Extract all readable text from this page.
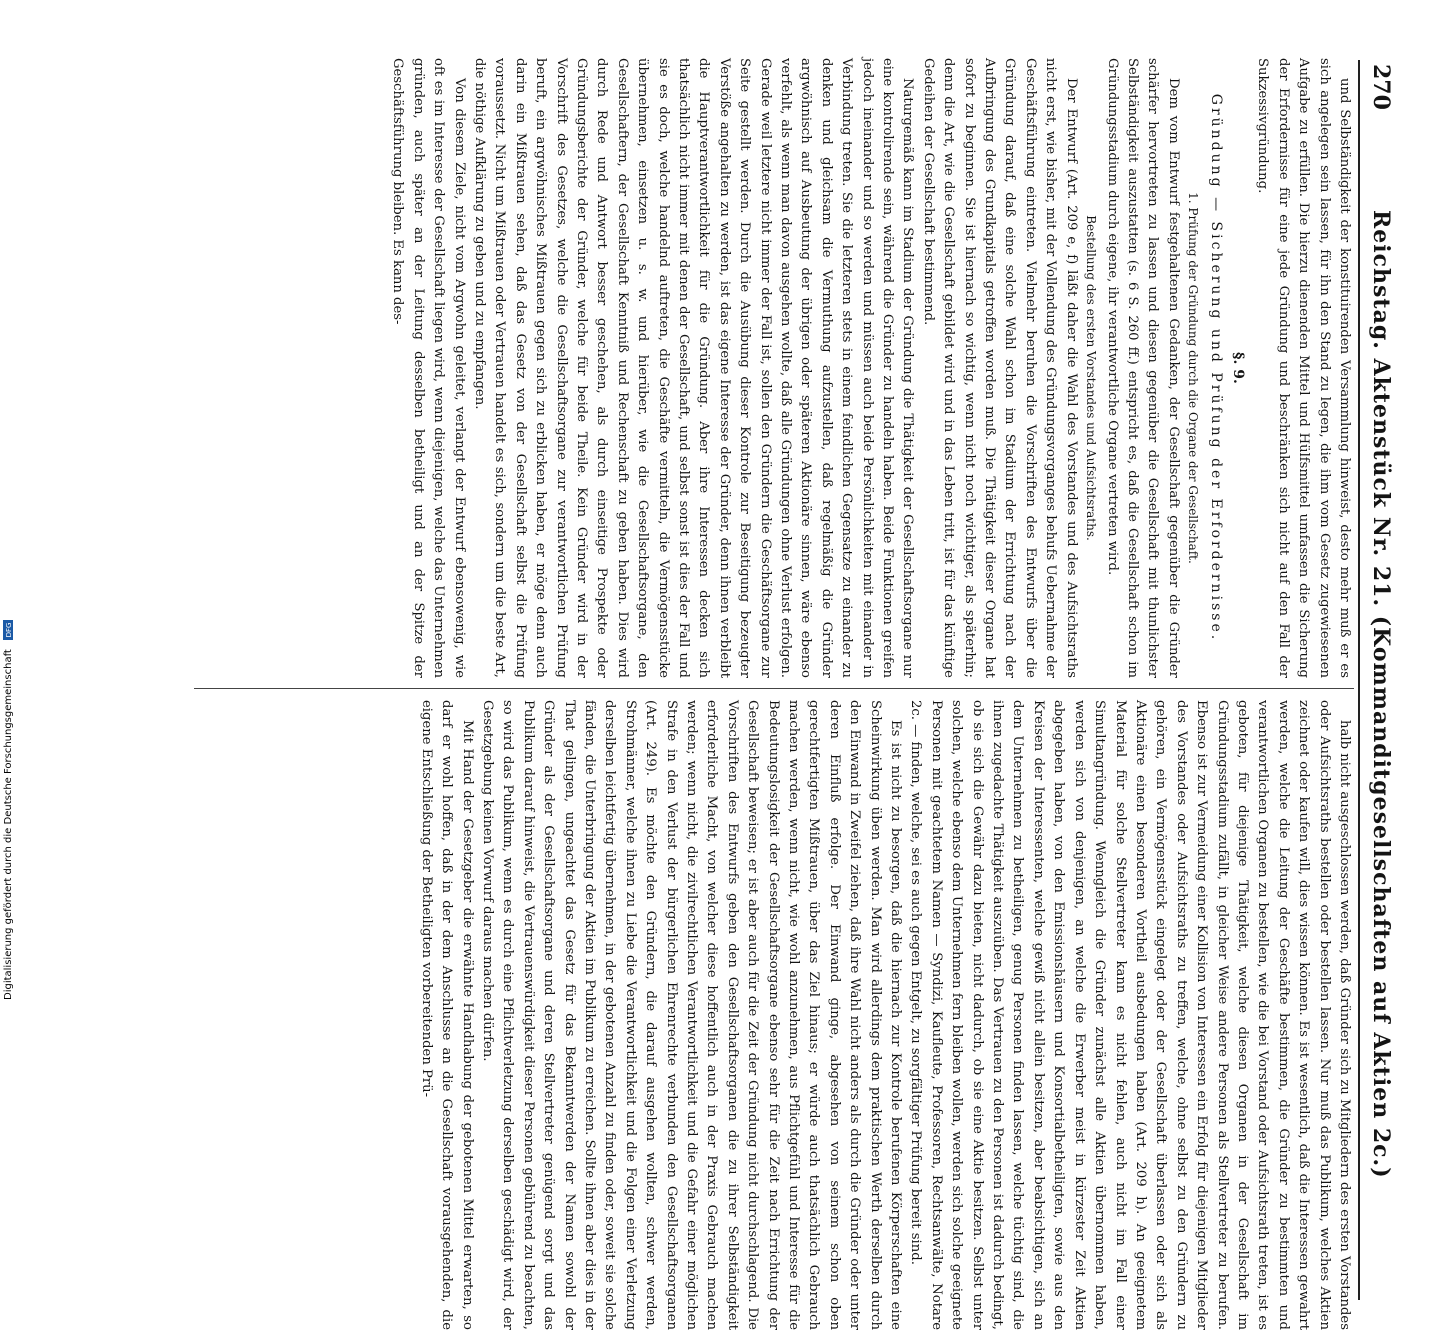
270
Reichstag. Aktenstück Nr. 21. (Kommanditgesellschaften auf Aktien 2c.)

und Selbständigkeit der konstituirenden Versammlung hinweist, desto mehr muß er es sich angelegen sein lassen, für ihn den Stand zu legen, die ihm vom Gesetz zugewiesenen Aufgabe zu erfüllen. Die hierzu dienenden Mittel und Hülfsmittel umfassen die Sicherung der Erfordernisse für eine jede Gründung und beschränken sich nicht auf den Fall der Sukzessivgründung.

§. 9.
Gründung — Sicherung und Prüfung der Erfordernisse.

1. Prüfung der Gründung durch die Organe der Gesellschaft.

Dem vom Entwurf festgehaltenen Gedanken, der Gesellschaft gegenüber die Gründer schärfer hervortreten zu lassen und diesen gegenüber die Gesellschaft mit thunlichster Selbständigkeit auszustatten (s. 6 S. 260 ff.) entspricht es, daß die Gesellschaft schon im Gründungsstadium durch eigene, ihr verantwortliche Organe vertreten wird.

Bestellung des ersten Vorstandes und Aufsichtsraths.

Der Entwurf (Art. 209 e, f) läßt daher die Wahl des Vorstandes und des Aufsichtsraths nicht erst, wie bisher, mit der Vollendung des Gründungsvorganges behufs Uebernahme der Geschäftsführung eintreten. Vielmehr beruhen die Vorschriften des Entwurfs über die Gründung darauf, daß eine solche Wahl schon im Stadium der Errichtung nach der Aufbringung des Grundkapitals getroffen worden muß. Die Thätigkeit dieser Organe hat sofort zu beginnen. Sie ist hiernach so wichtig, wenn nicht noch wichtiger, als späterhin; denn die Art, wie die Gesellschaft gebildet wird und in das Leben tritt, ist für das künftige Gedeihen der Gesellschaft bestimmend.

Naturgemäß kann im Stadium der Gründung die Thätigkeit der Gesellschaftsorgane nur eine kontrolirende sein, während die Gründer zu handeln haben. Beide Funktionen greifen jedoch ineinander und so werden und müssen auch beide Persönlichkeiten mit einander in Verbindung treten. Sie die letzteren stets in einem feindlichen Gegensatze zu einander zu denken und gleichsam die Vermuthung aufzustellen, daß regelmäßig die Gründer argwöhnisch auf Ausbeutung der übrigen oder späteren Aktionäre sinnen, wäre ebenso verfehlt, als wenn man davon ausgehen wollte, daß alle Gründungen ohne Verlust erfolgen. Gerade weil letztere nicht immer der Fall ist, sollen den Gründern die Geschäftsorgane zur Seite gestellt werden. Durch die Ausübung dieser Kontrole zur Beseitigung bezeugter Verstöße angehalten zu werden, ist das eigene Interesse der Gründer, denn ihnen verbleibt die Hauptverantwortlichkeit für die Gründung. Aber ihre Interessen decken sich thatsächlich nicht immer mit denen der Gesellschaft, und selbst sonst ist dies der Fall und sie es doch, welche handelnd auftreten, die Geschäfte vermitteln, die Vermögensstücke übernehmen, einsetzen u. s. w. und hierüber, wie die Gesellschaftsorgane, den Gesellschaftern, der Gesellschaft Kenntniß und Rechenschaft zu geben haben. Dies wird durch Rede und Antwort besser geschehen, als durch einseitige Prospekte oder Gründungsberichte der Gründer, welche für beide Theile. Kein Gründer wird in der Vorschrift des Gesetzes, welche die Gesellschaftsorgane zur verantwortlichen Prüfung beruft, ein argwöhnisches Mißtrauen gegen sich zu erblicken haben, er möge denn auch darin ein Mißtrauen sehen, daß das Gesetz von der Gesellschaft selbst die Prüfung voraussetzt. Nicht um Mißtrauen oder Vertrauen handelt es sich, sondern um die beste Art, die nöthige Aufklärung zu geben und zu empfangen.

Von diesem Ziele, nicht vom Argwohn geleitet, verlangt der Entwurf ebensowenig, wie oft es im Interesse der Gesellschaft liegen wird, wenn diejenigen, welche das Unternehmen gründen, auch später an der Leitung desselben betheiligt und an der Spitze der Geschäftsführung bleiben. Es kann des-

halb nicht ausgeschlossen werden, daß Gründer sich zu Mitgliedern des ersten Vorstandes oder Aufsichtsraths bestellen oder bestellen lassen. Nur muß das Publikum, welches Aktien zeichnet oder kaufen will, dies wissen können. Es ist wesentlich, daß die Interessen gewahrt werden, welche die Leitung der Geschäfte bestimmen, die Gründer zu bestimmten und verantwortlichen Organen zu bestellen, wie die bei Vorstand oder Aufsichtsrath treten, ist es geboten, für diejenige Thätigkeit, welche diesen Organen in der Gesellschaft im Gründungsstadium zufällt, in gleicher Weise andere Personen als Stellvertreter zu berufen. Ebenso ist zur Vermeidung einer Kollision von Interessen ein Erfolg für diejenigen Mitglieder des Vorstandes oder Aufsichtsraths zu treffen, welche, ohne selbst zu den Gründern zu gehören, ein Vermögensstück eingelegt oder der Gesellschaft überlassen oder sich als Aktionäre einen besonderen Vortheil ausbedungen haben (Art. 209 h). An geeignetem Material für solche Stellvertreter kann es nicht fehlen, auch nicht im Fall einer Simultangründung. Wenngleich die Gründer zunächst alle Aktien übernommen haben, werden sich von denjenigen, an welche die Erwerber meist in kürzester Zeit Aktien abgegeben haben, von den Emissionshäusern und Konsortialbetheiligten, sowie aus den Kreisen der Interessenten, welche gewiß nicht allein besitzen, aber beabsichtigen, sich an dem Unternehmen zu betheiligen, genug Personen finden lassen, welche tüchtig sind, die ihnen zugedachte Thätigkeit auszuüben. Das Vertrauen zu den Personen ist dadurch bedingt, ob sie sich die Gewähr dazu bieten, nicht dadurch, ob sie eine Aktie besitzen. Selbst unter solchen, welche ebenso dem Unternehmen fern bleiben wollen, werden sich solche geeignete Personen mit geachtetem Namen — Syndizi, Kaufleute, Professoren, Rechtsanwälte, Notare 2c. — finden, welche, sei es auch gegen Entgelt, zu sorgfältiger Prüfung bereit sind.

Es ist nicht zu besorgen, daß die hiernach zur Kontrole berufenen Körperschaften eine Scheinwirkung üben werden. Man wird allerdings dem praktischen Werth derselben durch den Einwand in Zweifel ziehen, daß ihre Wahl nicht anders als durch die Gründer oder unter deren Einfluß erfolge. Der Einwand ginge, abgesehen von seinem schon oben gerechtfertigten Mißtrauen, über das Ziel hinaus; er würde auch thatsächlich Gebrauch machen werden, wenn nicht, wie wohl anzunehmen, aus Pflichtgefühl und Interesse für die Bedeutungslosigkeit der Gesellschaftsorgane ebenso sehr für die Zeit nach Errichtung der Gesellschaft beweisen; er ist aber auch für die Zeit der Gründung nicht durchschlagend. Die Vorschriften des Entwurfs geben den Gesellschaftsorganen die zu ihrer Selbständigkeit erforderliche Macht, von welcher diese hoffentlich auch in der Praxis Gebrauch machen werden; wenn nicht, die zivilrechtlichen Verantwortlichkeit und die Gefahr einer möglichen Strafe in den Verlust der bürgerlichen Ehrenrechte verbunden den Gesellschaftsorganen (Art. 249). Es möchte den Gründern, die darauf ausgehen wollten, schwer werden, Strohmänner, welche ihnen zu Liebe die Verantwortlichkeit und die Folgen einer Verletzung derselben leichtfertig übernehmen, in der gebotenen Anzahl zu finden oder, soweit sie solche fänden, die Unterbringung der Aktien im Publikum zu erreichen. Sollte ihnen aber dies in der That gelingen, ungeachtet das Gesetz für das Bekanntwerden der Namen sowohl der Gründer als der Gesellschaftsorgane und deren Stellvertreter genügend sorgt und das Publikum darauf hinweist, die Vertrauenswürdigkeit dieser Personen gebührend zu beachten, so wird das Publikum, wenn es durch eine Pflichtverletzung derselben geschädigt wird, der Gesetzgebung keinen Vorwurf daraus machen dürfen.

Mit Hand der Gesetzgeber die erwähnte Handhabung der gebotenen Mittel erwarten, so darf er wohl hoffen, daß in der dem Anschlusse an die Gesellschaft vorausgehenden, die eigene Entschließung der Betheiligten vorbereitenden Prü-

Digitalisierung gefördert durch die Deutsche Forschungsgemeinschaft
DFG
